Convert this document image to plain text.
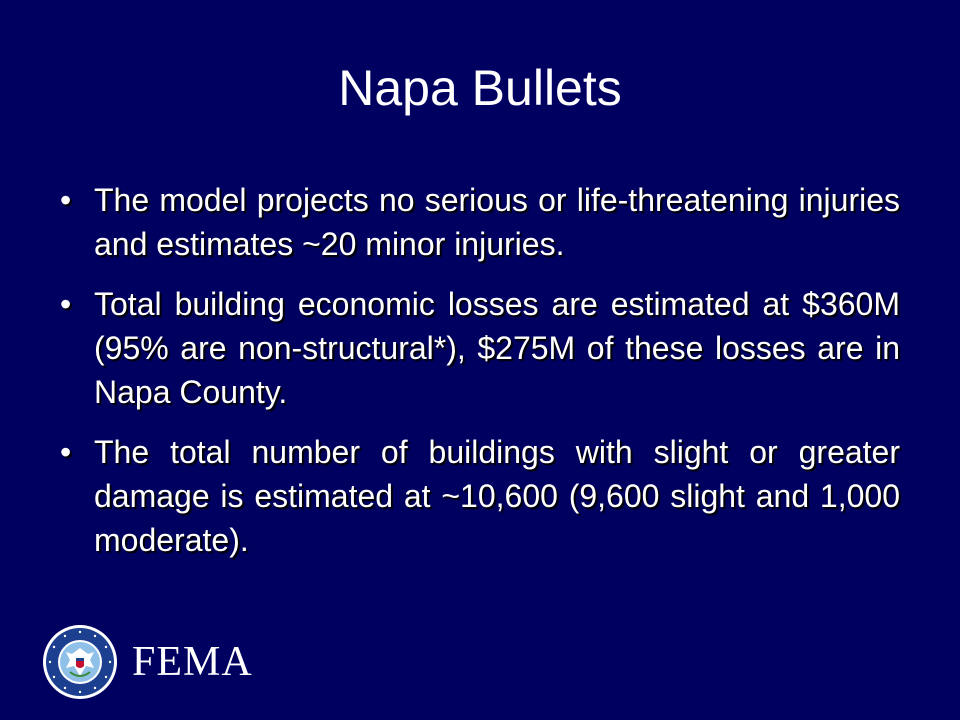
Napa Bullets
• The model projects no serious or life-threatening injuries and estimates ~20 minor injuries.
• Total building economic losses are estimated at $360M (95% are non-structural*), $275M of these losses are in Napa County.
• The total number of buildings with slight or greater damage is estimated at ~10,600 (9,600 slight and 1,000 moderate).
FEMA
